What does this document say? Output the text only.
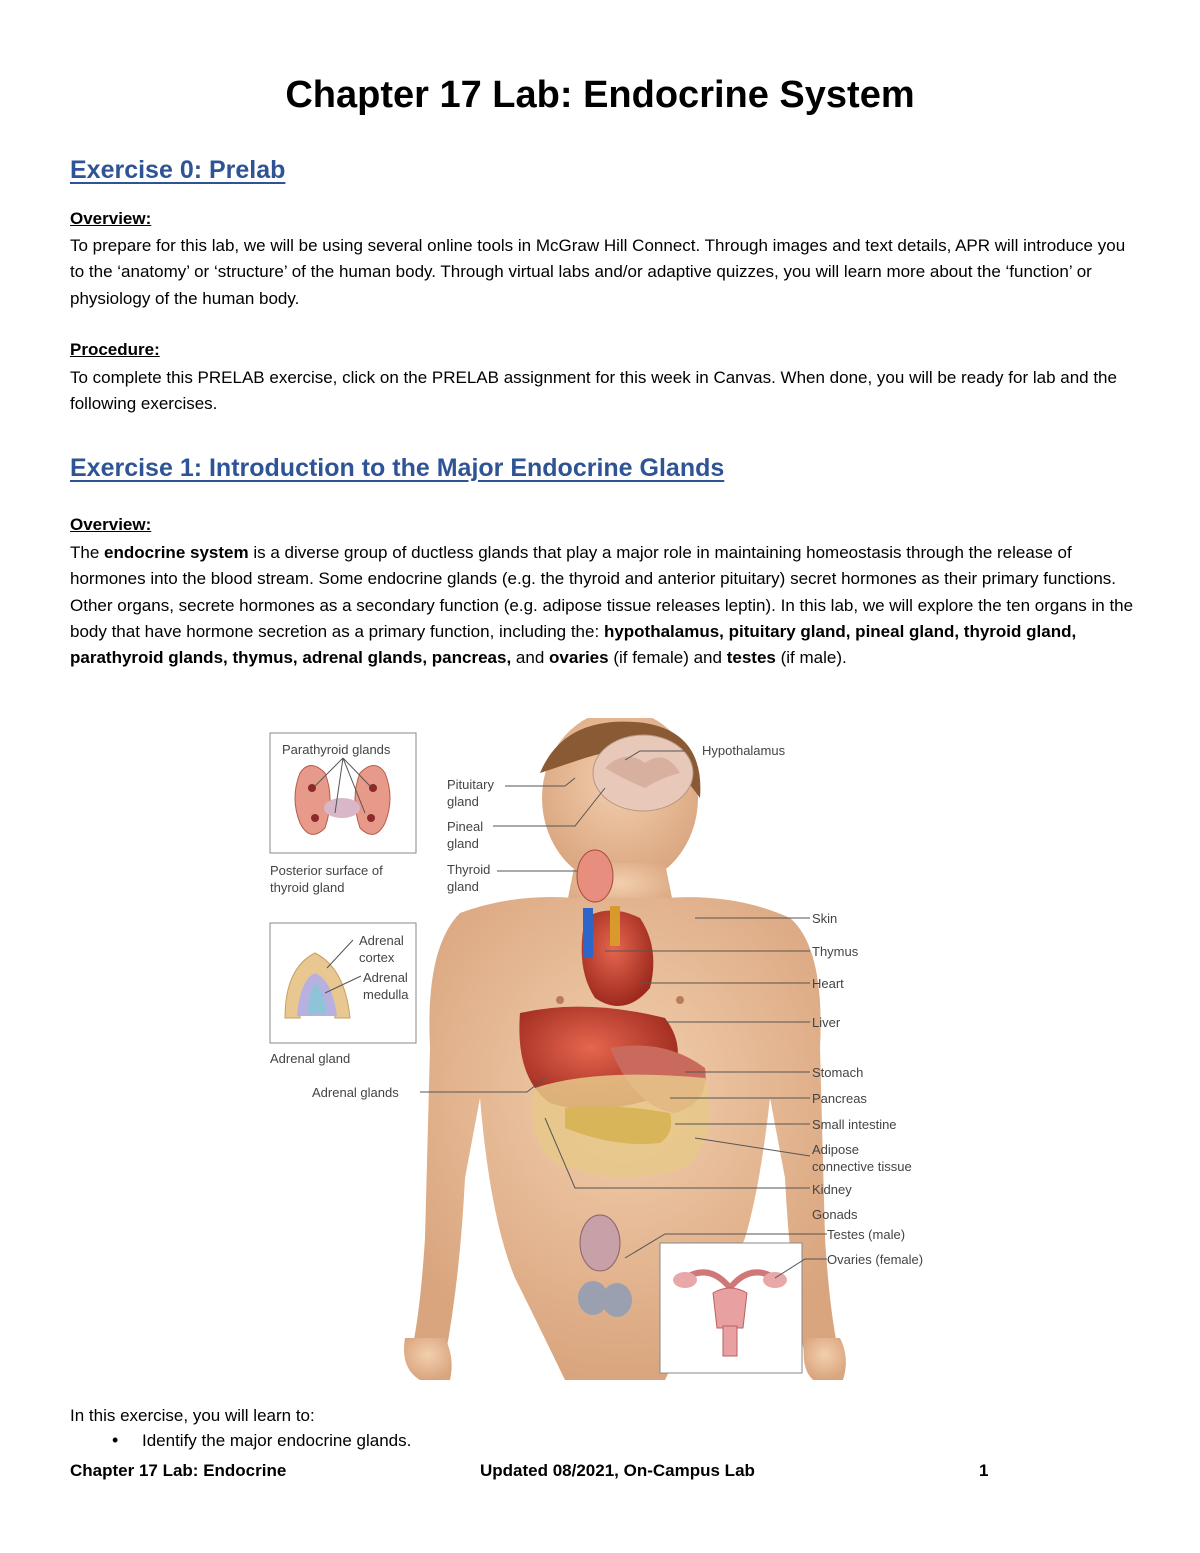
Chapter 17 Lab: Endocrine System
Exercise 0: Prelab
Overview:

To prepare for this lab, we will be using several online tools in McGraw Hill Connect. Through images and text details, APR will introduce you to the ‘anatomy’ or ‘structure’ of the human body. Through virtual labs and/or adaptive quizzes, you will learn more about the ‘function’ or physiology of the human body.

Procedure:

To complete this PRELAB exercise, click on the PRELAB assignment for this week in Canvas. When done, you will be ready for lab and the following exercises.

Exercise 1: Introduction to the Major Endocrine Glands
Overview:

The endocrine system is a diverse group of ductless glands that play a major role in maintaining homeostasis through the release of hormones into the blood stream. Some endocrine glands (e.g. the thyroid and anterior pituitary) secret hormones as their primary functions. Other organs, secrete hormones as a secondary function (e.g. adipose tissue releases leptin). In this lab, we will explore the ten organs in the body that have hormone secretion as a primary function, including the: hypothalamus, pituitary gland, pineal gland, thyroid gland, parathyroid glands, thymus, adrenal glands, pancreas, and ovaries (if female) and testes (if male).

Parathyroid glands
Posterior surface of
thyroid gland
Adrenal
cortex
Adrenal
medulla
Adrenal gland
Adrenal glands
Pituitary
gland
Pineal
gland
Thyroid
gland
Hypothalamus
Skin
Thymus
Heart
Liver
Stomach
Pancreas
Small intestine
Adipose
connective tissue
Kidney
Gonads
Testes (male)
Ovaries (female)

In this exercise, you will learn to:

• Identify the major endocrine glands.
Chapter 17 Lab: Endocrine	Updated 08/2021, On-Campus Lab	1
